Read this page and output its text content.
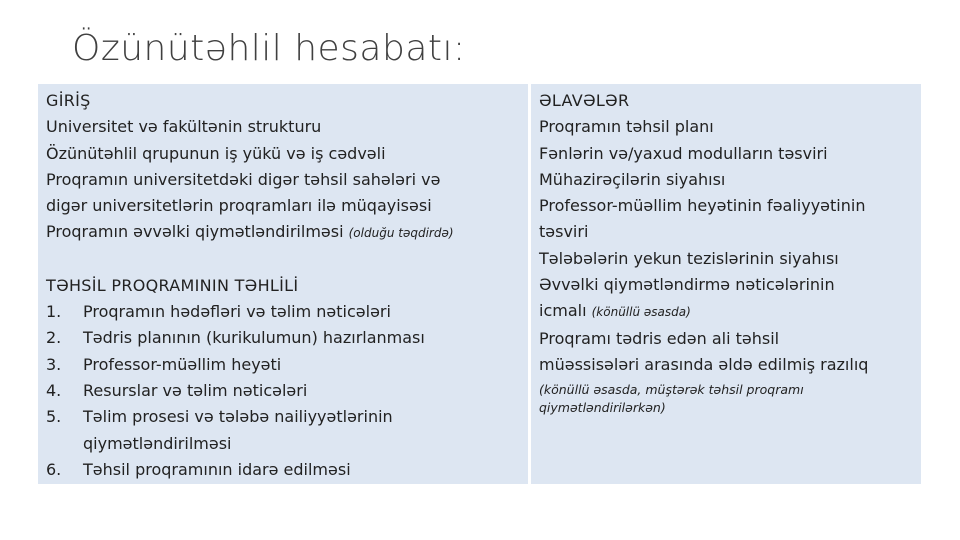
Özünütəhlil hesabatı:
GİRİŞ
Universitet və fakültənin strukturu
Özünütəhlil qrupunun iş yükü və iş cədvəli
Proqramın universitetdəki digər təhsil sahələri və
digər universitetlərin proqramları ilə müqayisəsi
Proqramın əvvəlki qiymətləndirilməsi (olduğu təqdirdə)
TƏHSİL PROQRAMININ TƏHLİLİ
1.	Proqramın hədəfləri və təlim nəticələri
2.	Tədris planının (kurikulumun) hazırlanması
3.	Professor-müəllim heyəti
4.	Resurslar və təlim nəticələri
5.	Təlim prosesi və tələbə nailiyyətlərinin qiymətləndirilməsi
6.	Təhsil proqramının idarə edilməsi
ƏLAVƏLƏR
Proqramın təhsil planı
Fənlərin və/yaxud modulların təsviri
Mühazirəçilərin siyahısı
Professor-müəllim heyətinin fəaliyyətinin
təsviri
Tələbələrin yekun tezislərinin siyahısı
Əvvəlki qiymətləndirmə nəticələrinin
icmalı (könüllü əsasda)
Proqramı tədris edən ali təhsil
müəssisələri arasında əldə edilmiş razılıq
(könüllü əsasda, müştərək təhsil proqramı qiymətləndirilərkən)
